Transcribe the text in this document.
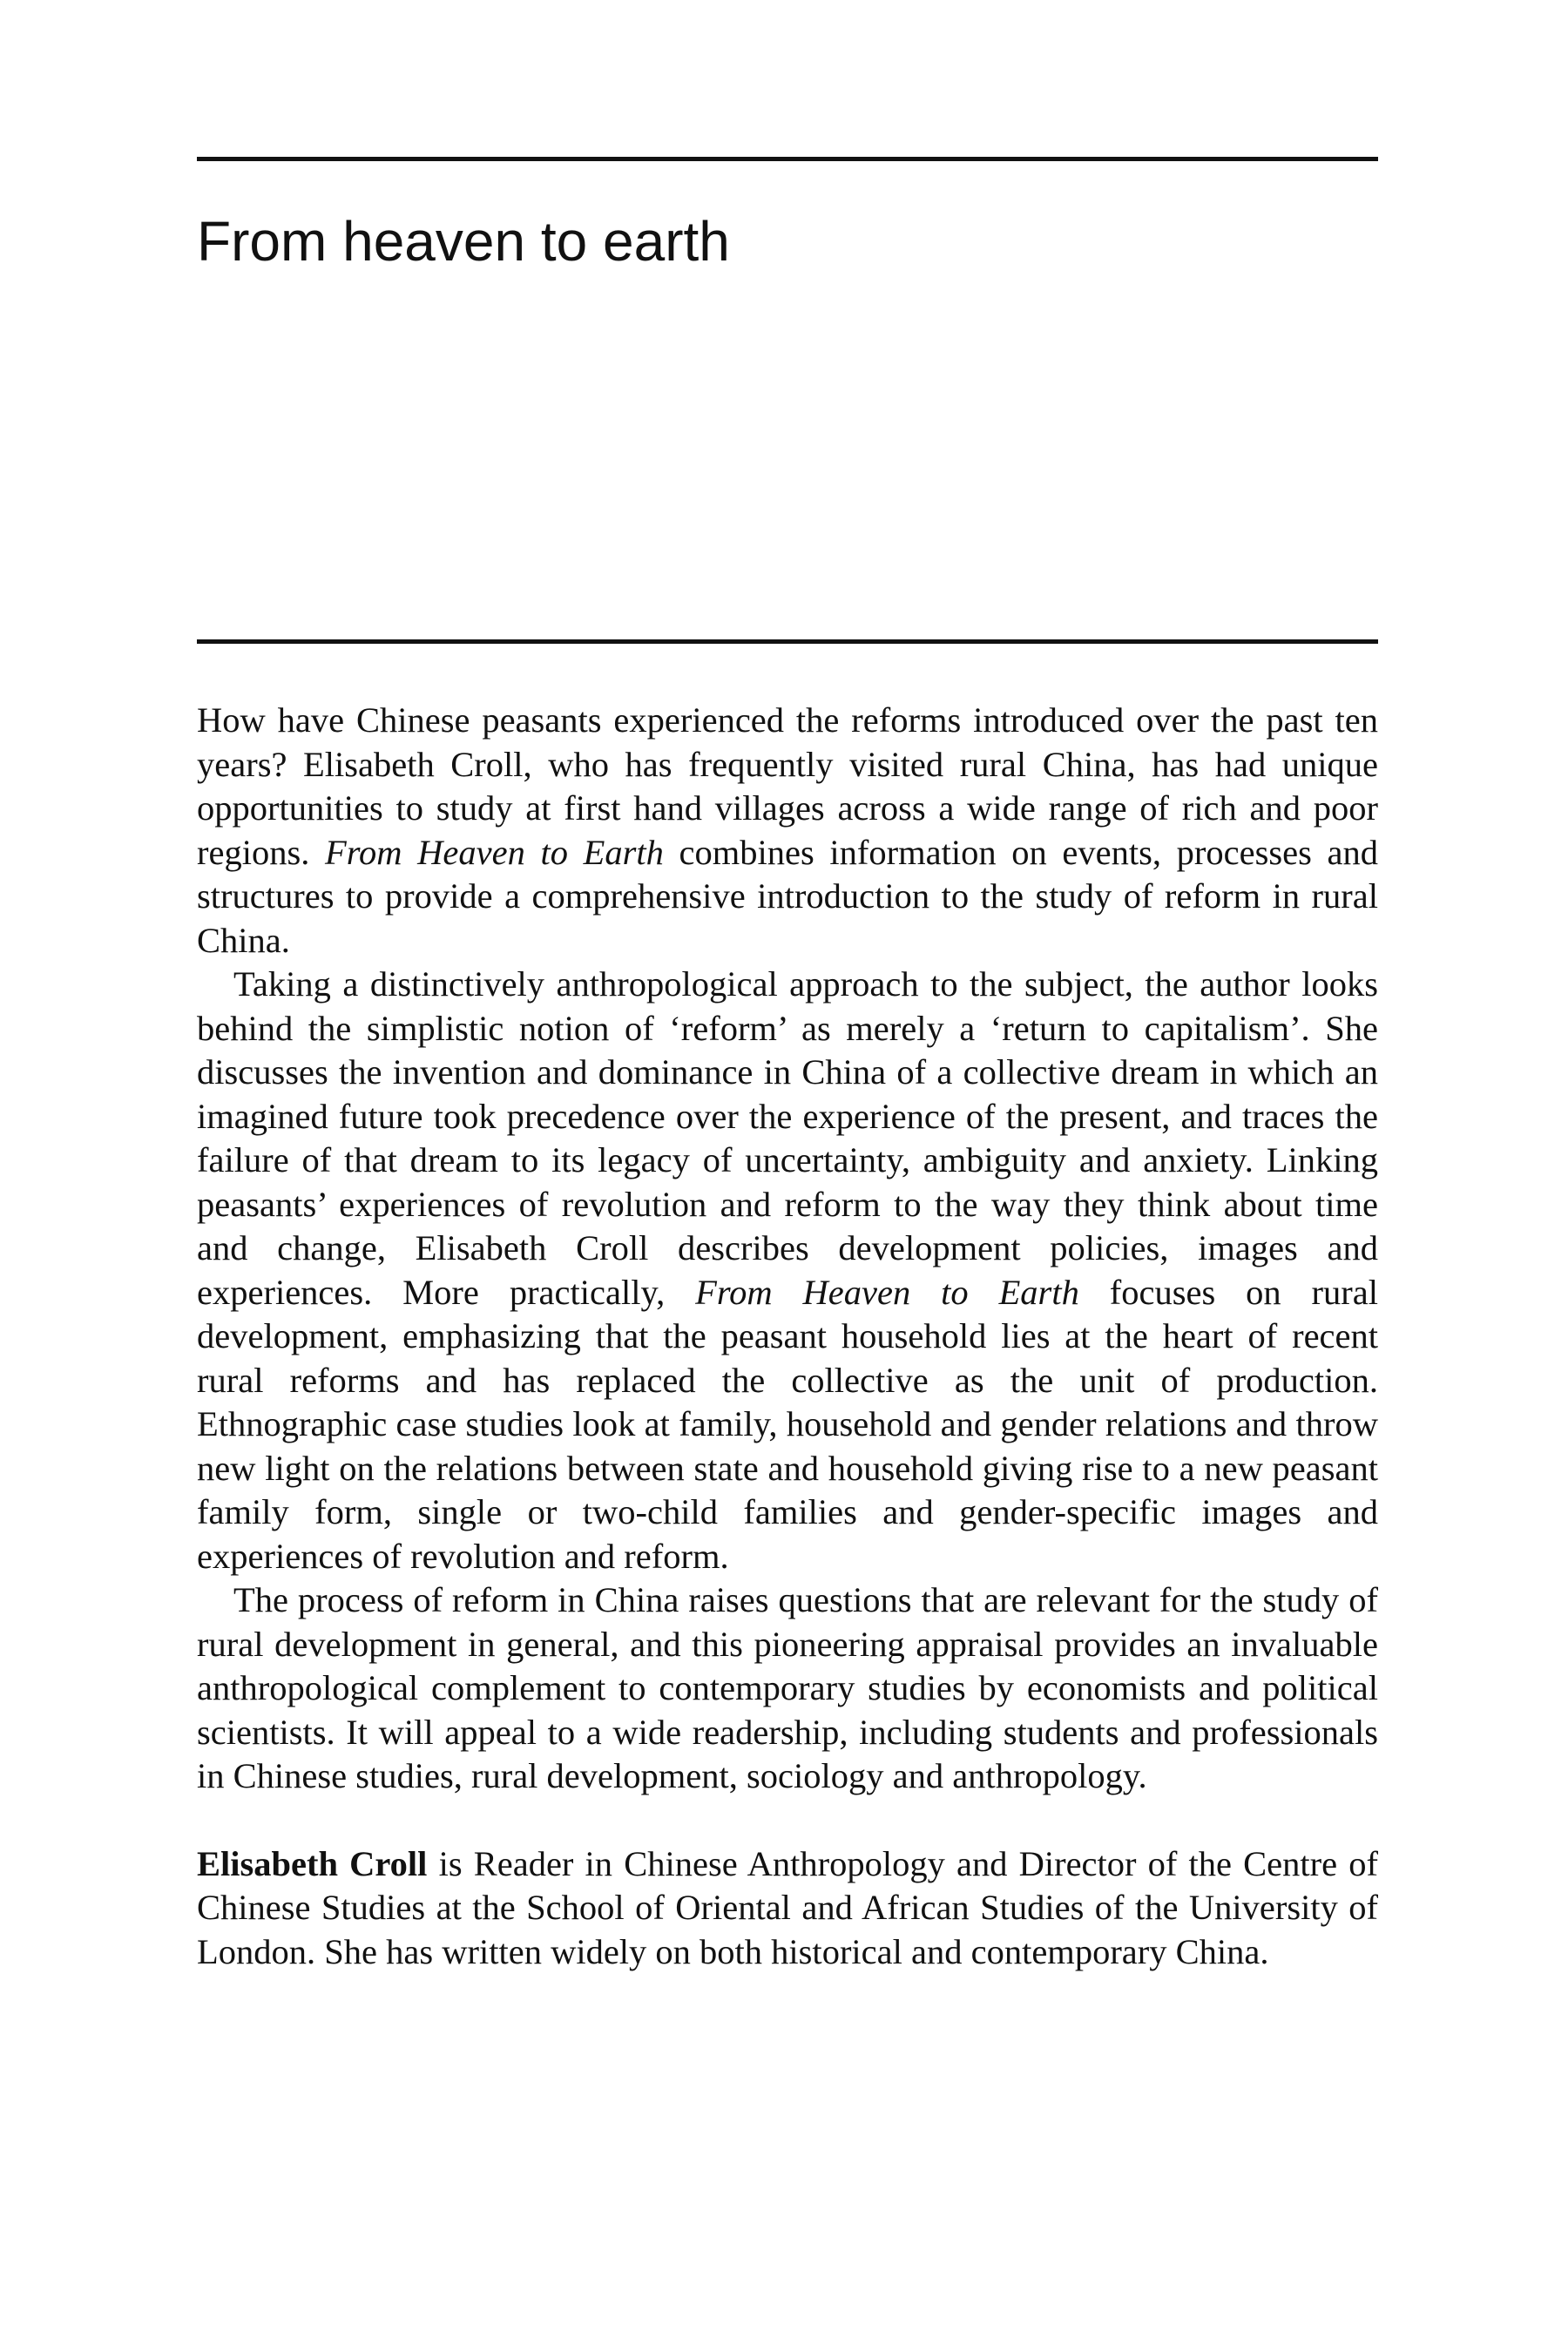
From heaven to earth

How have Chinese peasants experienced the reforms introduced over the past ten years? Elisabeth Croll, who has frequently visited rural China, has had unique opportunities to study at first hand villages across a wide range of rich and poor regions. From Heaven to Earth combines information on events, processes and structures to provide a comprehensive introduction to the study of reform in rural China.

Taking a distinctively anthropological approach to the subject, the author looks behind the simplistic notion of ‘reform’ as merely a ‘return to capitalism’. She discusses the invention and dominance in China of a collective dream in which an imagined future took precedence over the experience of the present, and traces the failure of that dream to its legacy of uncertainty, ambiguity and anxiety. Linking peasants’ experiences of revolution and reform to the way they think about time and change, Elisabeth Croll describes development policies, images and experiences. More practically, From Heaven to Earth focuses on rural development, emphasizing that the peasant household lies at the heart of recent rural reforms and has replaced the collective as the unit of production. Ethnographic case studies look at family, household and gender relations and throw new light on the relations between state and household giving rise to a new peasant family form, single or two-child families and gender-specific images and experiences of revolution and reform.

The process of reform in China raises questions that are relevant for the study of rural development in general, and this pioneering appraisal provides an invaluable anthropological complement to contemporary studies by economists and political scientists. It will appeal to a wide readership, including students and professionals in Chinese studies, rural development, sociology and anthropology.

Elisabeth Croll is Reader in Chinese Anthropology and Director of the Centre of Chinese Studies at the School of Oriental and African Studies of the University of London. She has written widely on both historical and contemporary China.
